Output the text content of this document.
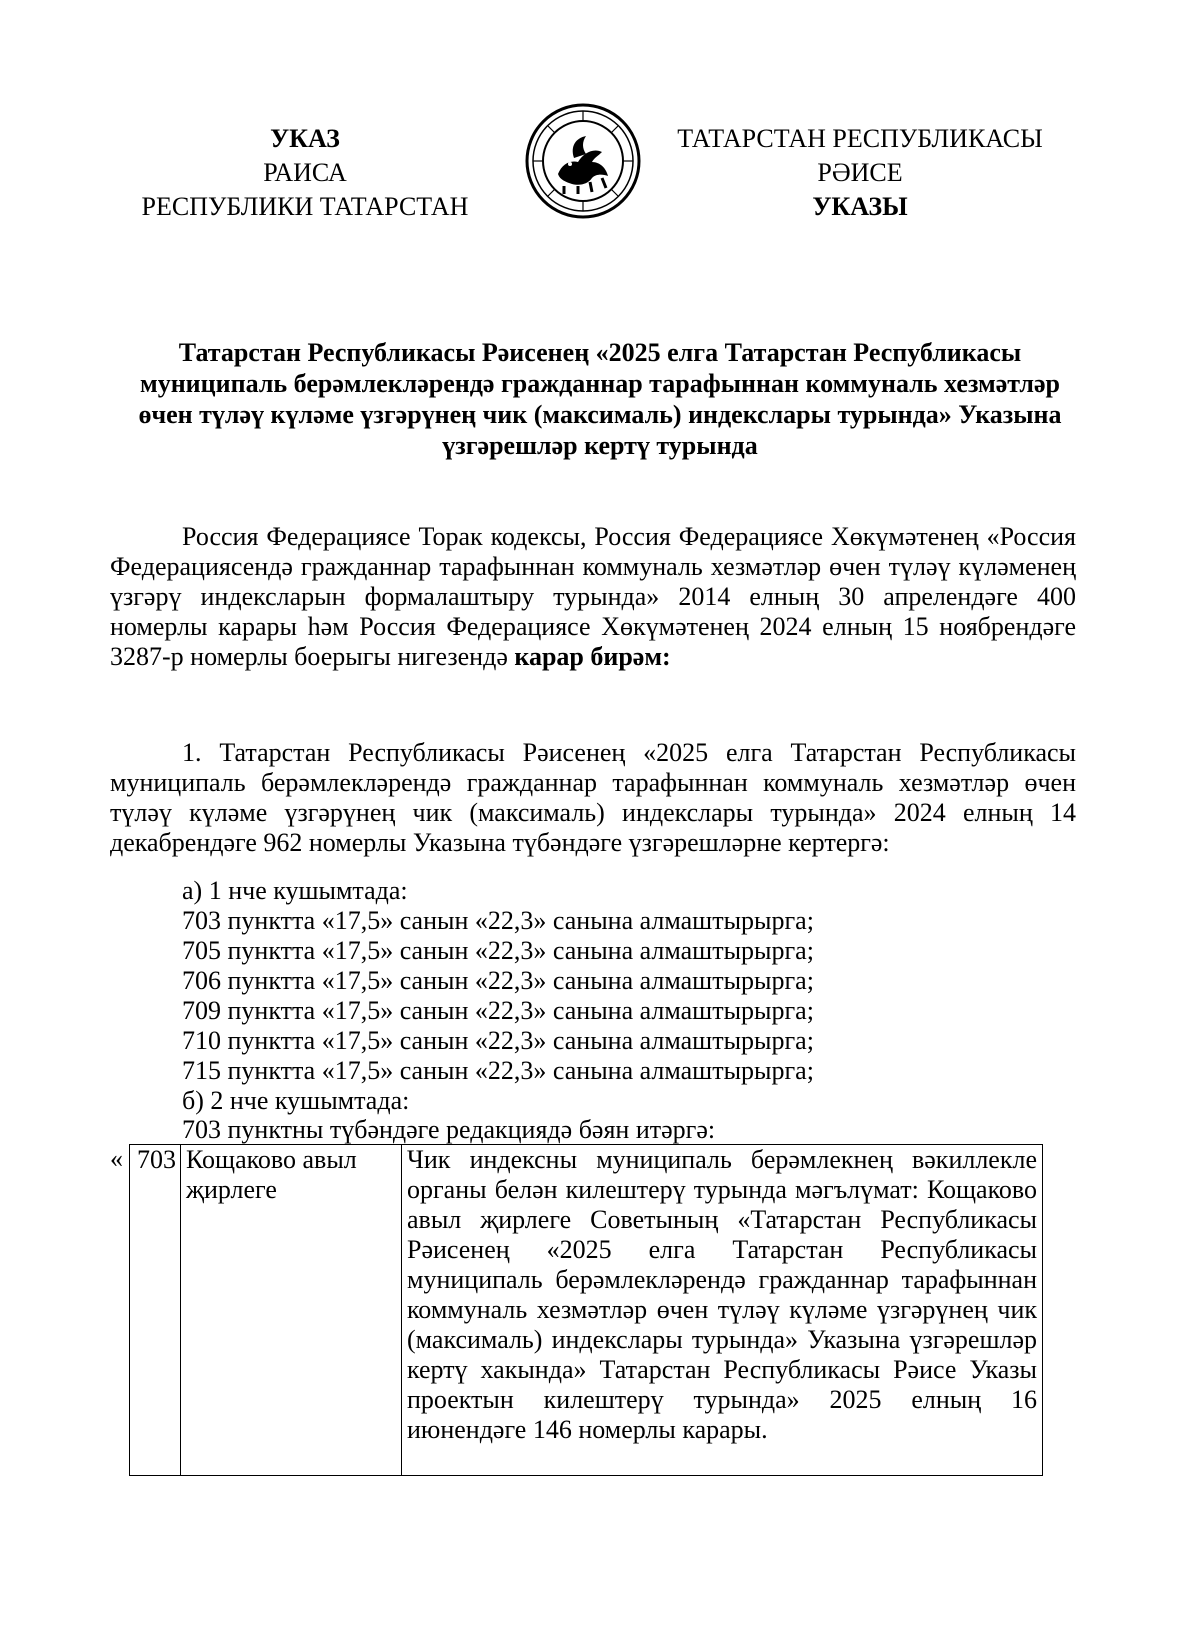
УКАЗ
РАИСА
РЕСПУБЛИКИ ТАТАРСТАН
ТАТАРСТАН РЕСПУБЛИКАСЫ
РӘИСЕ
УКАЗЫ
Татарстан Республикасы Рәисенең «2025 елга Татарстан Республикасы муниципаль берәмлекләрендә гражданнар тарафыннан коммуналь хезмәтләр өчен түләү күләме үзгәрүнең чик (максималь) индекслары турында» Указына үзгәрешләр кертү турында
Россия Федерациясе Торак кодексы, Россия Федерациясе Хөкүмәтенең «Россия Федерациясендә гражданнар тарафыннан коммуналь хезмәтләр өчен түләү күләменең үзгәрү индексларын формалаштыру турында» 2014 елның 30 апрелендәге 400 номерлы карары һәм Россия Федерациясе Хөкүмәтенең 2024 елның 15 ноябрендәге 3287-р номерлы боерыгы нигезендә карар бирәм:
1. Татарстан Республикасы Рәисенең «2025 елга Татарстан Республикасы муниципаль берәмлекләрендә гражданнар тарафыннан коммуналь хезмәтләр өчен түләү күләме үзгәрүнең чик (максималь) индекслары турында» 2024 елның 14 декабрендәге 962 номерлы Указына түбәндәге үзгәрешләрне кертергә:
а) 1 нче кушымтада:
703 пунктта «17,5» санын «22,3» санына алмаштырырга;
705 пунктта «17,5» санын «22,3» санына алмаштырырга;
706 пунктта «17,5» санын «22,3» санына алмаштырырга;
709 пунктта «17,5» санын «22,3» санына алмаштырырга;
710 пунктта «17,5» санын «22,3» санына алмаштырырга;
715 пунктта «17,5» санын «22,3» санына алмаштырырга;
б) 2 нче кушымтада:
703 пунктны түбәндәге редакциядә бәян итәргә:
« 703	Кощаково авыл җирлеге	Чик индексны муниципаль берәмлекнең вәкиллекле органы белән килештерү турында мәгълүмат: Кощаково авыл җирлеге Советының «Татарстан Республикасы Рәисенең «2025 елга Татарстан Республикасы муниципаль берәмлекләрендә гражданнар тарафыннан коммуналь хезмәтләр өчен түләү күләме үзгәрүнең чик (максималь) индекслары турында» Указына үзгәрешләр кертү хакында» Татарстан Республикасы Рәисе Указы проектын килештерү турында» 2025 елның 16 июнендәге 146 номерлы карары.
